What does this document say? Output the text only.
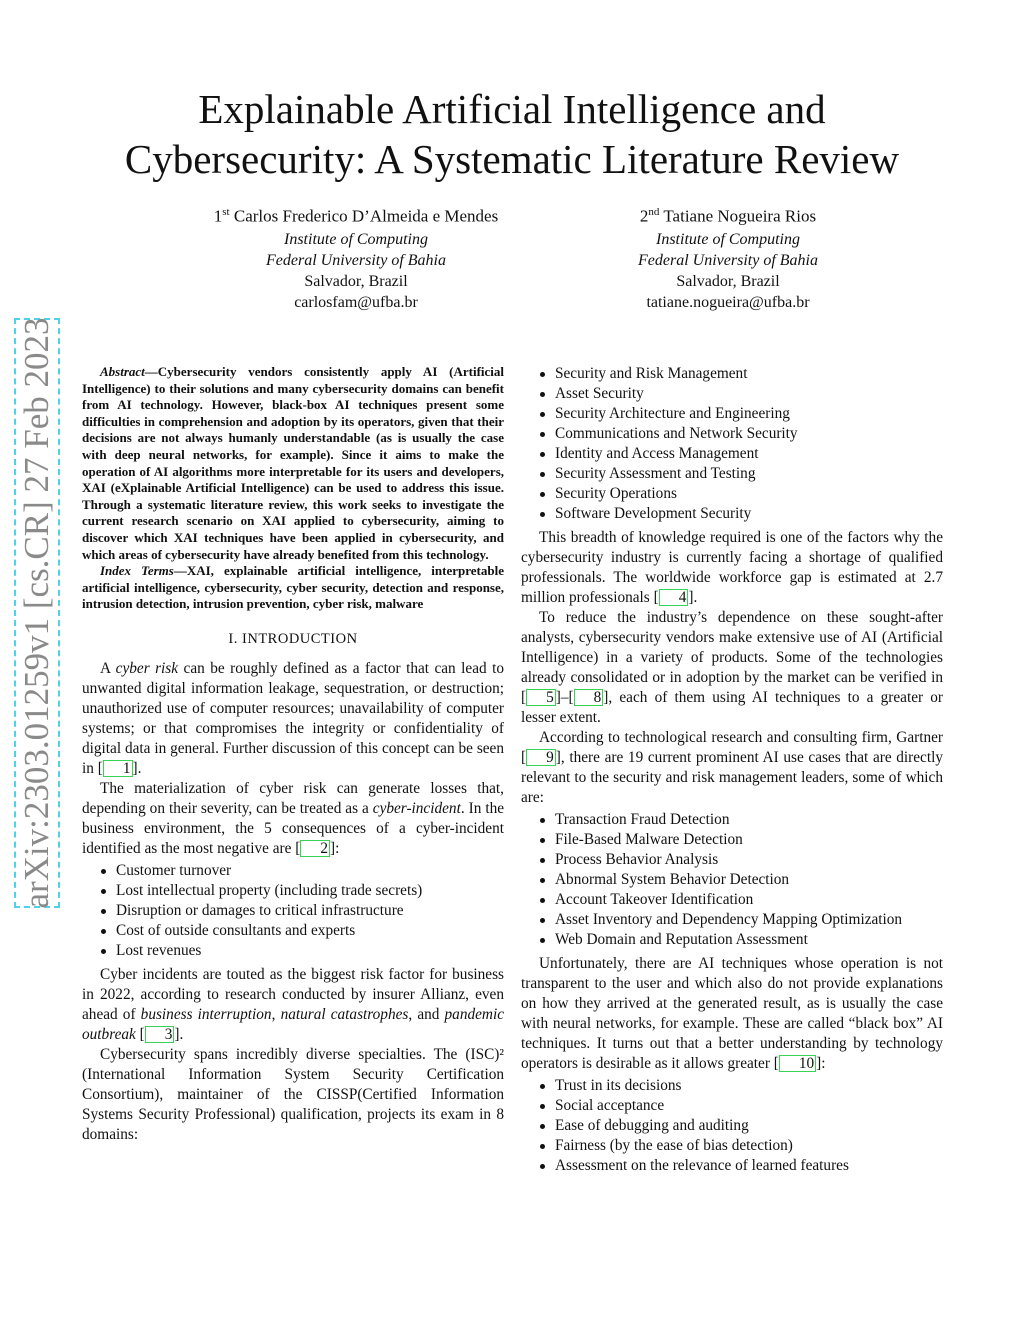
arXiv:2303.01259v1 [cs.CR] 27 Feb 2023
Explainable Artificial Intelligence and
Cybersecurity: A Systematic Literature Review
1st Carlos Frederico D’Almeida e Mendes
Institute of Computing
Federal University of Bahia
Salvador, Brazil
carlosfam@ufba.br
2nd Tatiane Nogueira Rios
Institute of Computing
Federal University of Bahia
Salvador, Brazil
tatiane.nogueira@ufba.br

Abstract—Cybersecurity vendors consistently apply AI (Artificial Intelligence) to their solutions and many cybersecurity domains can benefit from AI technology. However, black-box AI techniques present some difficulties in comprehension and adoption by its operators, given that their decisions are not always humanly understandable (as is usually the case with deep neural networks, for example). Since it aims to make the operation of AI algorithms more interpretable for its users and developers, XAI (eXplainable Artificial Intelligence) can be used to address this issue. Through a systematic literature review, this work seeks to investigate the current research scenario on XAI applied to cybersecurity, aiming to discover which XAI techniques have been applied in cybersecurity, and which areas of cybersecurity have already benefited from this technology.

Index Terms—XAI, explainable artificial intelligence, interpretable artificial intelligence, cybersecurity, cyber security, detection and response, intrusion detection, intrusion prevention, cyber risk, malware

I. INTRODUCTION

A cyber risk can be roughly defined as a factor that can lead to unwanted digital information leakage, sequestration, or destruction; unauthorized use of computer resources; unavailability of computer systems; or that compromises the integrity or confidentiality of digital data in general. Further discussion of this concept can be seen in [ 1 ].

The materialization of cyber risk can generate losses that, depending on their severity, can be treated as a cyber-incident. In the business environment, the 5 consequences of a cyber-incident identified as the most negative are [ 2 ]:

Customer turnover
Lost intellectual property (including trade secrets)
Disruption or damages to critical infrastructure
Cost of outside consultants and experts
Lost revenues

Cyber incidents are touted as the biggest risk factor for business in 2022, according to research conducted by insurer Allianz, even ahead of business interruption, natural catastrophes, and pandemic outbreak [ 3 ].

Cybersecurity spans incredibly diverse specialties. The (ISC)² (International Information System Security Certification Consortium), maintainer of the CISSP(Certified Information Systems Security Professional) qualification, projects its exam in 8 domains:

Security and Risk Management
Asset Security
Security Architecture and Engineering
Communications and Network Security
Identity and Access Management
Security Assessment and Testing
Security Operations
Software Development Security

This breadth of knowledge required is one of the factors why the cybersecurity industry is currently facing a shortage of qualified professionals. The worldwide workforce gap is estimated at 2.7 million professionals [ 4 ].

To reduce the industry’s dependence on these sought-after analysts, cybersecurity vendors make extensive use of AI (Artificial Intelligence) in a variety of products. Some of the technologies already consolidated or in adoption by the market can be verified in [ 5 ]–[ 8 ], each of them using AI techniques to a greater or lesser extent.

According to technological research and consulting firm, Gartner [ 9 ], there are 19 current prominent AI use cases that are directly relevant to the security and risk management leaders, some of which are:

Transaction Fraud Detection
File-Based Malware Detection
Process Behavior Analysis
Abnormal System Behavior Detection
Account Takeover Identification
Asset Inventory and Dependency Mapping Optimization
Web Domain and Reputation Assessment

Unfortunately, there are AI techniques whose operation is not transparent to the user and which also do not provide explanations on how they arrived at the generated result, as is usually the case with neural networks, for example. These are called “black box” AI techniques. It turns out that a better understanding by technology operators is desirable as it allows greater [ 10 ]:

Trust in its decisions
Social acceptance
Ease of debugging and auditing
Fairness (by the ease of bias detection)
Assessment on the relevance of learned features
